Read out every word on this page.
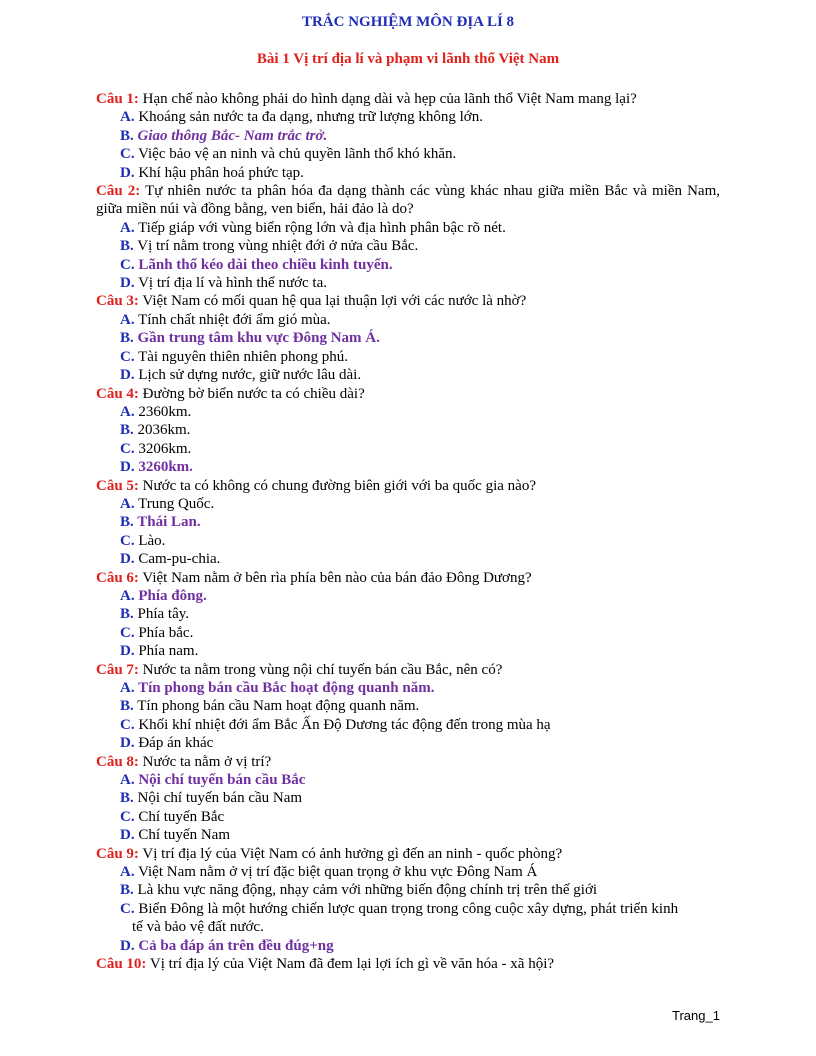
TRẮC NGHIỆM MÔN ĐỊA LÍ 8
Bài 1 Vị trí địa lí và phạm vi lãnh thổ Việt Nam
Câu 1: Hạn chế nào không phải do hình dạng dài và hẹp của lãnh thổ Việt Nam mang lại?
A. Khoáng sản nước ta đa dạng, nhưng trữ lượng không lớn.
B. Giao thông Bắc- Nam trắc trở.
C. Việc bảo vệ an ninh và chủ quyền lãnh thổ khó khăn.
D. Khí hậu phân hoá phức tạp.
Câu 2: Tự nhiên nước ta phân hóa đa dạng thành các vùng khác nhau giữa miền Bắc và miền Nam, giữa miền núi và đồng bằng, ven biển, hải đảo là do?
A. Tiếp giáp với vùng biển rộng lớn và địa hình phân bậc rõ nét.
B. Vị trí nằm trong vùng nhiệt đới ở nửa cầu Bắc.
C. Lãnh thổ kéo dài theo chiều kinh tuyến.
D. Vị trí địa lí và hình thể nước ta.
Câu 3: Việt Nam có mối quan hệ qua lại thuận lợi với các nước là nhờ?
A. Tính chất nhiệt đới ẩm gió mùa.
B. Gần trung tâm khu vực Đông Nam Á.
C. Tài nguyên thiên nhiên phong phú.
D. Lịch sử dựng nước, giữ nước lâu dài.
Câu 4: Đường bờ biển nước ta có chiều dài?
A. 2360km.
B. 2036km.
C. 3206km.
D. 3260km.
Câu 5: Nước ta có không có chung đường biên giới với ba quốc gia nào?
A. Trung Quốc.
B. Thái Lan.
C. Lào.
D. Cam-pu-chia.
Câu 6: Việt Nam nằm ở bên rìa phía bên nào của bán đảo Đông Dương?
A. Phía đông.
B. Phía tây.
C. Phía bắc.
D. Phía nam.
Câu 7: Nước ta nằm trong vùng nội chí tuyến bán cầu Bắc, nên có?
A. Tín phong bán cầu Bắc hoạt động quanh năm.
B. Tín phong bán cầu Nam hoạt động quanh năm.
C. Khối khí nhiệt đới ẩm Bắc Ấn Độ Dương tác động đến trong mùa hạ
D. Đáp án khác
Câu 8: Nước ta nằm ở vị trí?
A. Nội chí tuyến bán cầu Bắc
B. Nội chí tuyến bán cầu Nam
C. Chí tuyến Bắc
D. Chí tuyến Nam
Câu 9: Vị trí địa lý của Việt Nam có ảnh hưởng gì đến an ninh - quốc phòng?
A. Việt Nam nằm ở vị trí đặc biệt quan trọng ở khu vực Đông Nam Á
B. Là khu vực năng động, nhạy cảm với những biến động chính trị trên thế giới
C. Biển Đông là một hướng chiến lược quan trọng trong công cuộc xây dựng, phát triển kinh
tế và bảo vệ đất nước.
D. Cả ba đáp án trên đều đúg+ng
Câu 10: Vị trí địa lý của Việt Nam đã đem lại lợi ích gì về văn hóa - xã hội?
Trang_1
